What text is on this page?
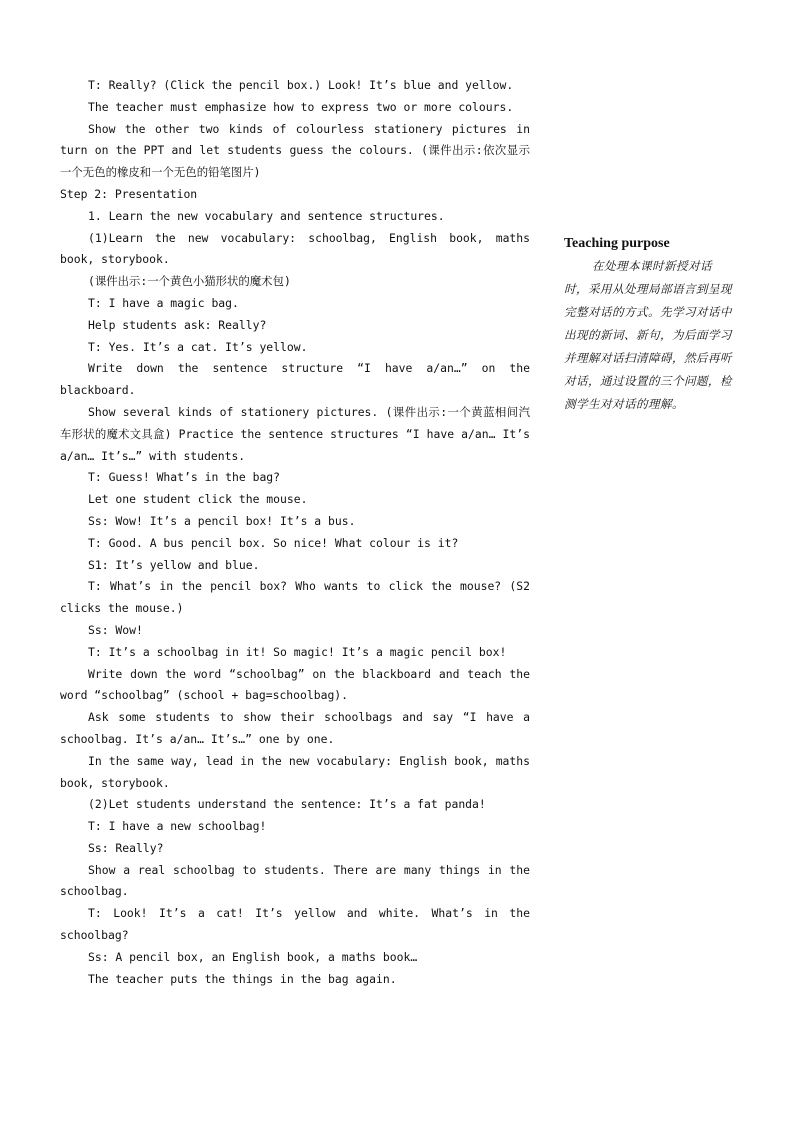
T: Really? (Click the pencil box.) Look! It’s blue and yellow.
The teacher must emphasize how to express two or more colours.
Show the other two kinds of colourless stationery pictures in turn on the PPT and let students guess the colours. (课件出示:依次显示一个无色的橡皮和一个无色的铅笔图片)
Step 2: Presentation
1. Learn the new vocabulary and sentence structures.
(1)Learn the new vocabulary: schoolbag, English book, maths book, storybook.
(课件出示:一个黄色小猫形状的魔术包)
T: I have a magic bag.
Help students ask: Really?
T: Yes. It’s a cat. It’s yellow.
Write down the sentence structure “I have a/an…” on the blackboard.
Show several kinds of stationery pictures. (课件出示:一个黄蓝相间汽车形状的魔术文具盒) Practice the sentence structures “I have a/an… It’s a/an… It’s…” with students.
T: Guess! What’s in the bag?
Let one student click the mouse.
Ss: Wow! It’s a pencil box! It’s a bus.
T: Good. A bus pencil box. So nice! What colour is it?
S1: It’s yellow and blue.
T: What’s in the pencil box? Who wants to click the mouse? (S2 clicks the mouse.)
Ss: Wow!
T: It’s a schoolbag in it! So magic! It’s a magic pencil box!
Write down the word “schoolbag” on the blackboard and teach the word “schoolbag” (school + bag=schoolbag).
Ask some students to show their schoolbags and say “I have a schoolbag. It’s a/an… It’s…” one by one.
In the same way, lead in the new vocabulary: English book, maths book, storybook.
(2)Let students understand the sentence: It’s a fat panda!
T: I have a new schoolbag!
Ss: Really?
Show a real schoolbag to students. There are many things in the schoolbag.
T: Look! It’s a cat! It’s yellow and white. What’s in the schoolbag?
Ss: A pencil box, an English book, a maths book…
The teacher puts the things in the bag again.
Teaching purpose
在处理本课时新授对话时，采用从处理局部语言到呈现完整对话的方式。先学习对话中出现的新词、新句，为后面学习并理解对话扫清障碍，然后再听对话，通过设置的三个问题，检测学生对对话的理解。
